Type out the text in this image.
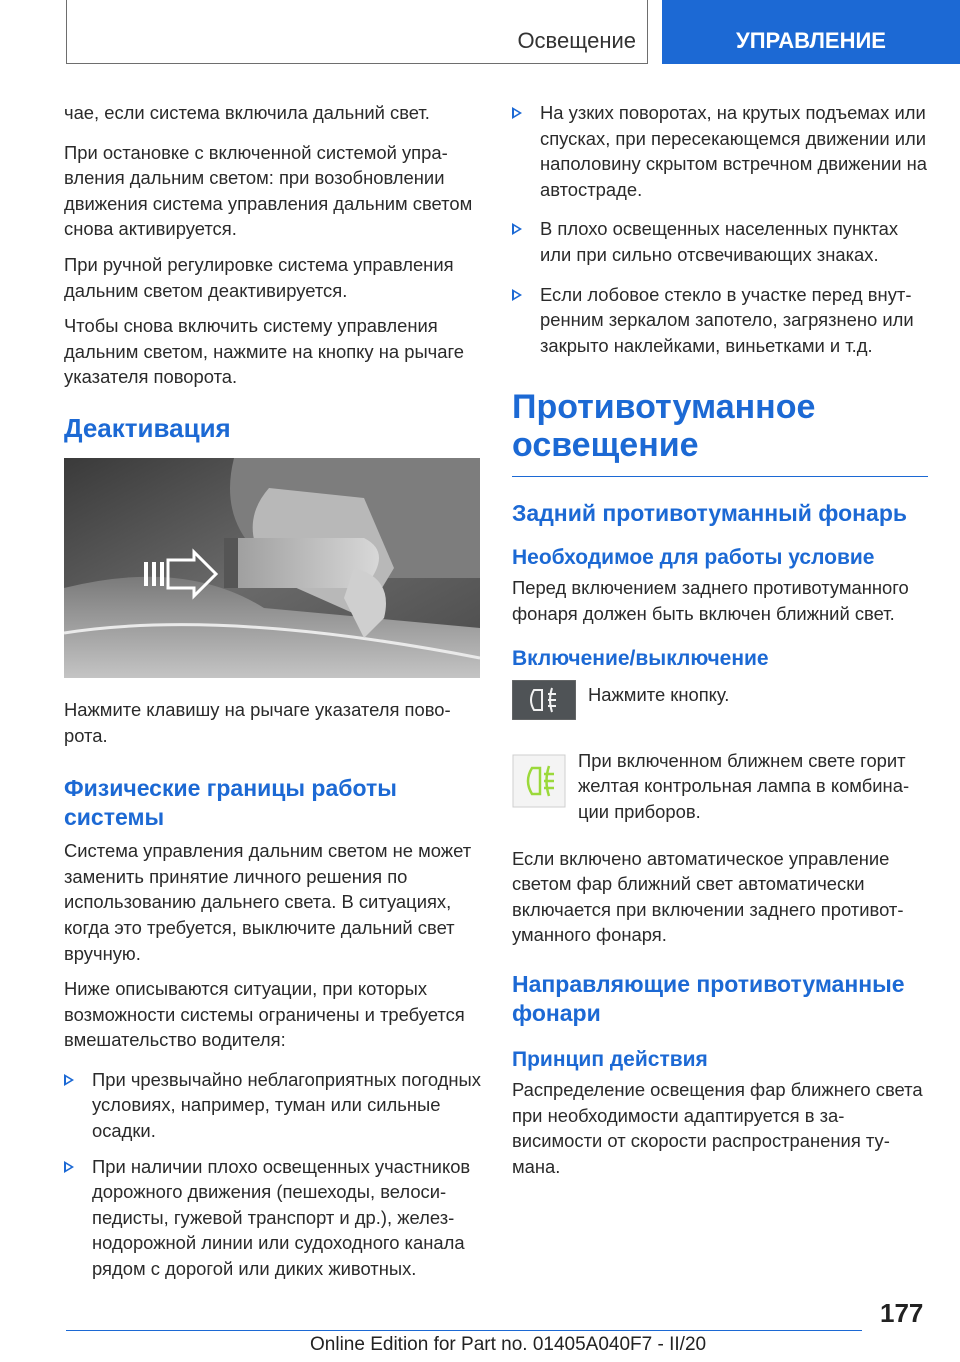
Освещение	УПРАВЛЕНИЕ

чае, если система включила дальний свет.

При остановке с включенной системой управления дальним светом: при возобновлении движения система управления дальним светом снова активируется.

При ручной регулировке система управления дальним светом деактивируется.

Чтобы снова включить систему управления дальним светом, нажмите на кнопку на рычаге указателя поворота.

Деактивация

Нажмите клавишу на рычаге указателя поворота.

Физические границы работы системы

Система управления дальним светом не может заменить принятие личного решения по использованию дальнего света. В ситуациях, когда это требуется, выключите дальний свет вручную.

Ниже описываются ситуации, при которых возможности системы ограничены и требуется вмешательство водителя:

При чрезвычайно неблагоприятных погодных условиях, например, туман или сильные осадки.
При наличии плохо освещенных участников дорожного движения (пешеходы, велосипедисты, гужевой транспорт и др.), железнодорожной линии или судоходного канала рядом с дорогой или диких животных.
На узких поворотах, на крутых подъемах или спусках, при пересекающемся движении или наполовину скрытом встречном движении на автостраде.
В плохо освещенных населенных пунктах или при сильно отсвечивающих знаках.
Если лобовое стекло в участке перед внутренним зеркалом запотело, загрязнено или закрыто наклейками, виньетками и т.д.
Противотуманное освещение
Задний противотуманный фонарь
Необходимое для работы условие

Перед включением заднего противотуманного фонаря должен быть включен ближний свет.

Включение/выключение

Нажмите кнопку.

При включенном ближнем свете горит желтая контрольная лампа в комбинации приборов.

Если включено автоматическое управление светом фар ближний свет автоматически включается при включении заднего противотуманного фонаря.

Направляющие противотуманные фонари
Принцип действия

Распределение освещения фар ближнего света при необходимости адаптируется в зависимости от скорости распространения тумана.

177
Online Edition for Part no. 01405A040F7 - II/20
